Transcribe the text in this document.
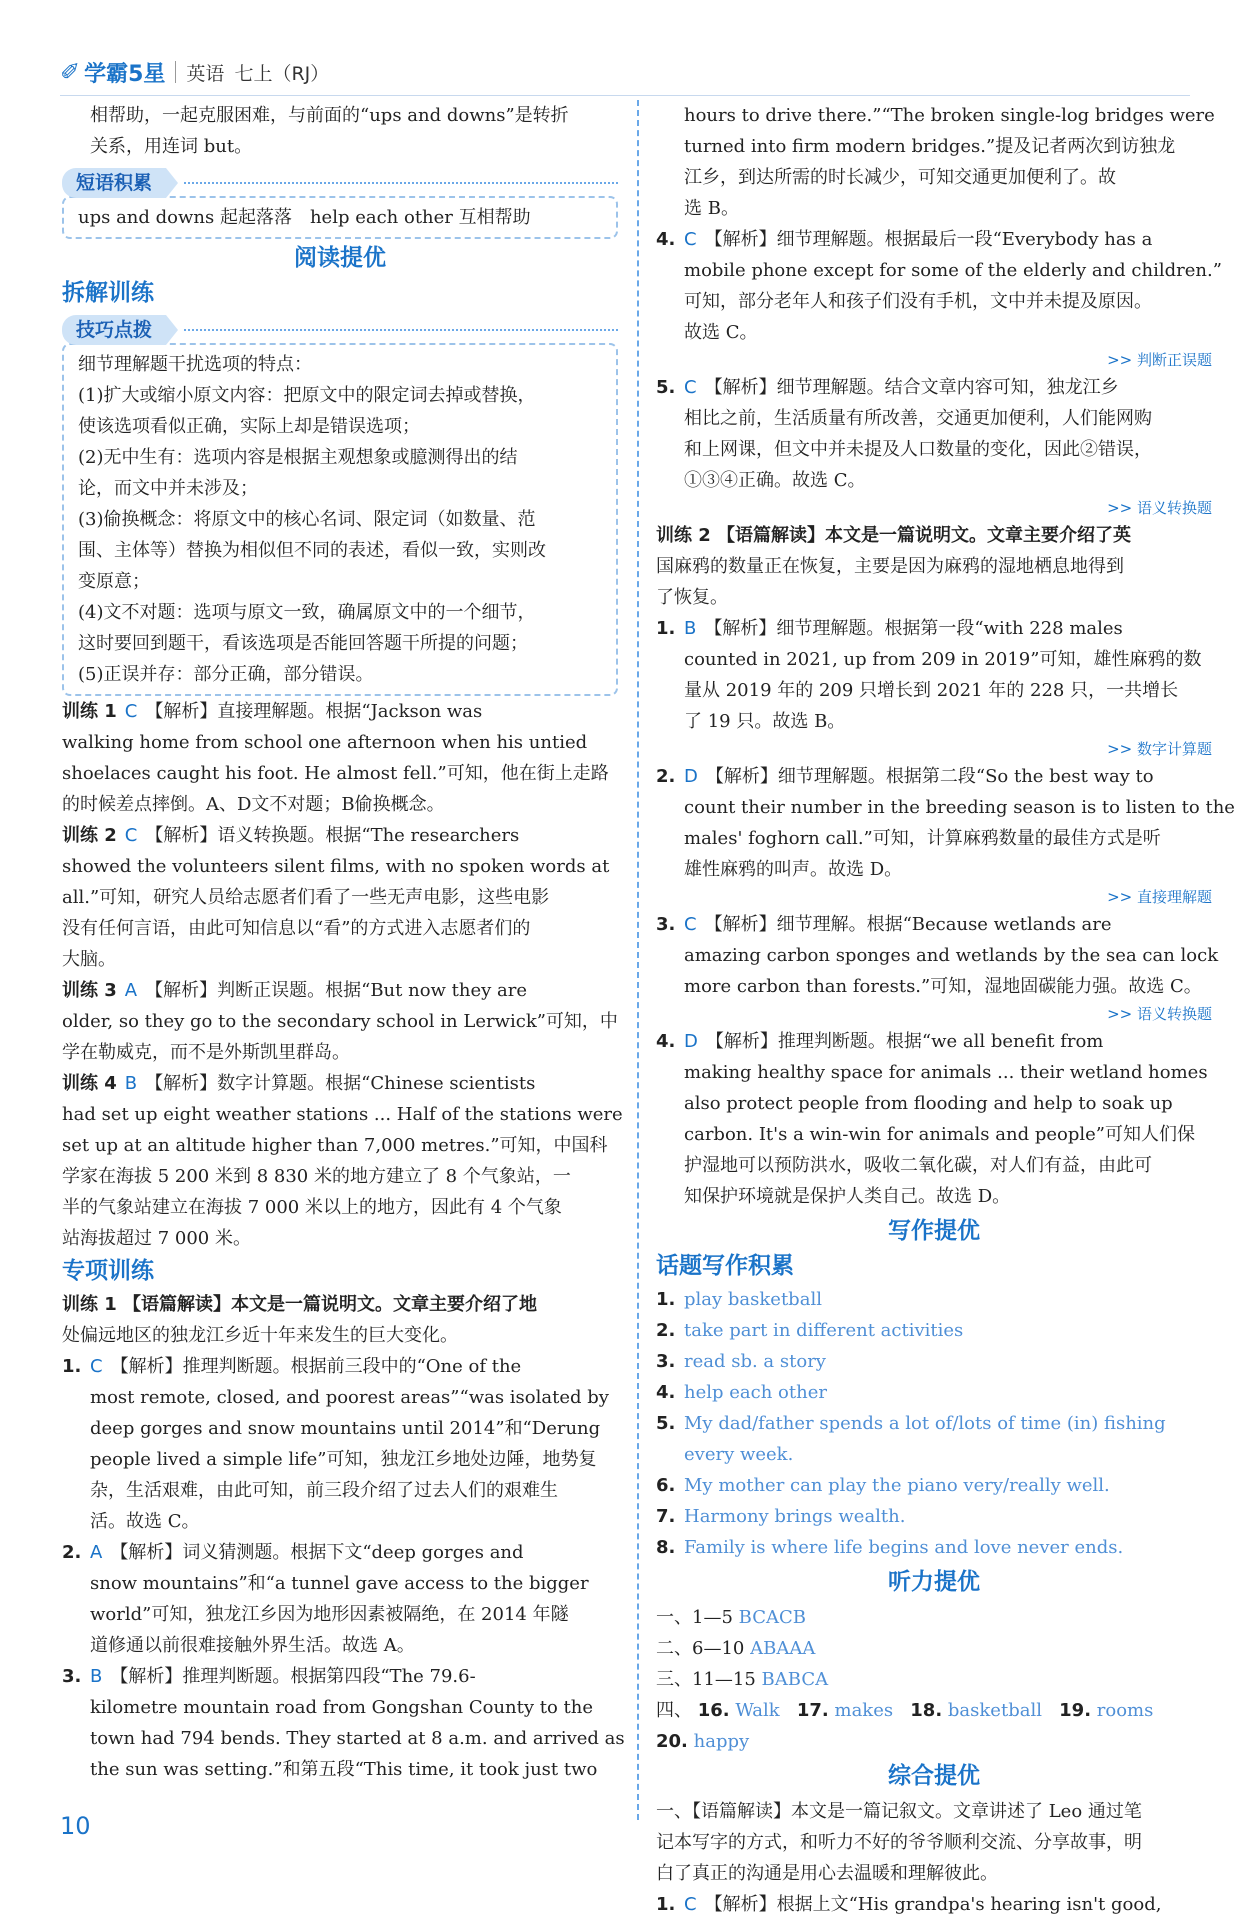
✐ 学霸5星 英语 七上（RJ）
相帮助，一起克服困难，与前面的“ups and downs”是转折
关系，用连词 but。
短语积累
ups and downs 起起落落　help each other 互相帮助
阅读提优
拆解训练
技巧点拨
细节理解题干扰选项的特点：
(1)扩大或缩小原文内容：把原文中的限定词去掉或替换，
使该选项看似正确，实际上却是错误选项；
(2)无中生有：选项内容是根据主观想象或臆测得出的结
论，而文中并未涉及；
(3)偷换概念：将原文中的核心名词、限定词（如数量、范
围、主体等）替换为相似但不同的表述，看似一致，实则改
变原意；
(4)文不对题：选项与原文一致，确属原文中的一个细节，
这时要回到题干，看该选项是否能回答题干所提的问题；
(5)正误并存：部分正确，部分错误。
训练 1 C 【解析】直接理解题。根据“Jackson was
walking home from school one afternoon when his untied
shoelaces caught his foot. He almost fell.”可知，他在街上走路
的时候差点摔倒。A、D文不对题；B偷换概念。
训练 2 C 【解析】语义转换题。根据“The researchers
showed the volunteers silent films, with no spoken words at
all.”可知，研究人员给志愿者们看了一些无声电影，这些电影
没有任何言语，由此可知信息以“看”的方式进入志愿者们的
大脑。
训练 3 A 【解析】判断正误题。根据“But now they are
older, so they go to the secondary school in Lerwick”可知，中
学在勒威克，而不是外斯凯里群岛。
训练 4 B 【解析】数字计算题。根据“Chinese scientists
had set up eight weather stations ... Half of the stations were
set up at an altitude higher than 7,000 metres.”可知，中国科
学家在海拔 5 200 米到 8 830 米的地方建立了 8 个气象站，一
半的气象站建立在海拔 7 000 米以上的地方，因此有 4 个气象
站海拔超过 7 000 米。
专项训练
训练 1 【语篇解读】本文是一篇说明文。文章主要介绍了地
处偏远地区的独龙江乡近十年来发生的巨大变化。
1. C 【解析】推理判断题。根据前三段中的“One of the
most remote, closed, and poorest areas”“was isolated by
deep gorges and snow mountains until 2014”和“Derung
people lived a simple life”可知，独龙江乡地处边陲，地势复
杂，生活艰难，由此可知，前三段介绍了过去人们的艰难生
活。故选 C。
2. A 【解析】词义猜测题。根据下文“deep gorges and
snow mountains”和“a tunnel gave access to the bigger
world”可知，独龙江乡因为地形因素被隔绝，在 2014 年隧
道修通以前很难接触外界生活。故选 A。
3. B 【解析】推理判断题。根据第四段“The 79.6-
kilometre mountain road from Gongshan County to the
town had 794 bends. They started at 8 a.m. and arrived as
the sun was setting.”和第五段“This time, it took just two
hours to drive there.”“The broken single-log bridges were
turned into firm modern bridges.”提及记者两次到访独龙
江乡，到达所需的时长减少，可知交通更加便利了。故
选 B。
4. C 【解析】细节理解题。根据最后一段“Everybody has a
mobile phone except for some of the elderly and children.”
可知，部分老年人和孩子们没有手机，文中并未提及原因。
故选 C。
>> 判断正误题
5. C 【解析】细节理解题。结合文章内容可知，独龙江乡
相比之前，生活质量有所改善，交通更加便利，人们能网购
和上网课，但文中并未提及人口数量的变化，因此②错误，
①③④正确。故选 C。
>> 语义转换题
训练 2 【语篇解读】本文是一篇说明文。文章主要介绍了英
国麻鸦的数量正在恢复，主要是因为麻鸦的湿地栖息地得到
了恢复。
1. B 【解析】细节理解题。根据第一段“with 228 males
counted in 2021, up from 209 in 2019”可知，雄性麻鸦的数
量从 2019 年的 209 只增长到 2021 年的 228 只，一共增长
了 19 只。故选 B。
>> 数字计算题
2. D 【解析】细节理解题。根据第二段“So the best way to
count their number in the breeding season is to listen to the
males' foghorn call.”可知，计算麻鸦数量的最佳方式是听
雄性麻鸦的叫声。故选 D。
>> 直接理解题
3. C 【解析】细节理解。根据“Because wetlands are
amazing carbon sponges and wetlands by the sea can lock
more carbon than forests.”可知，湿地固碳能力强。故选 C。
>> 语义转换题
4. D 【解析】推理判断题。根据“we all benefit from
making healthy space for animals ... their wetland homes
also protect people from flooding and help to soak up
carbon. It's a win-win for animals and people”可知人们保
护湿地可以预防洪水，吸收二氧化碳，对人们有益，由此可
知保护环境就是保护人类自己。故选 D。
写作提优
话题写作积累
1. play basketball
2. take part in different activities
3. read sb. a story
4. help each other
5. My dad/father spends a lot of/lots of time (in) fishing
every week.
6. My mother can play the piano very/really well.
7. Harmony brings wealth.
8. Family is where life begins and love never ends.
听力提优
一、1—5 BCACB
二、6—10 ABAAA
三、11—15 BABCA
四、 16. Walk 17. makes 18. basketball 19. rooms
20. happy
综合提优
一、【语篇解读】本文是一篇记叙文。文章讲述了 Leo 通过笔
记本写字的方式，和听力不好的爷爷顺利交流、分享故事，明
白了真正的沟通是用心去温暖和理解彼此。
1. C 【解析】根据上文“His grandpa's hearing isn't good,
10
